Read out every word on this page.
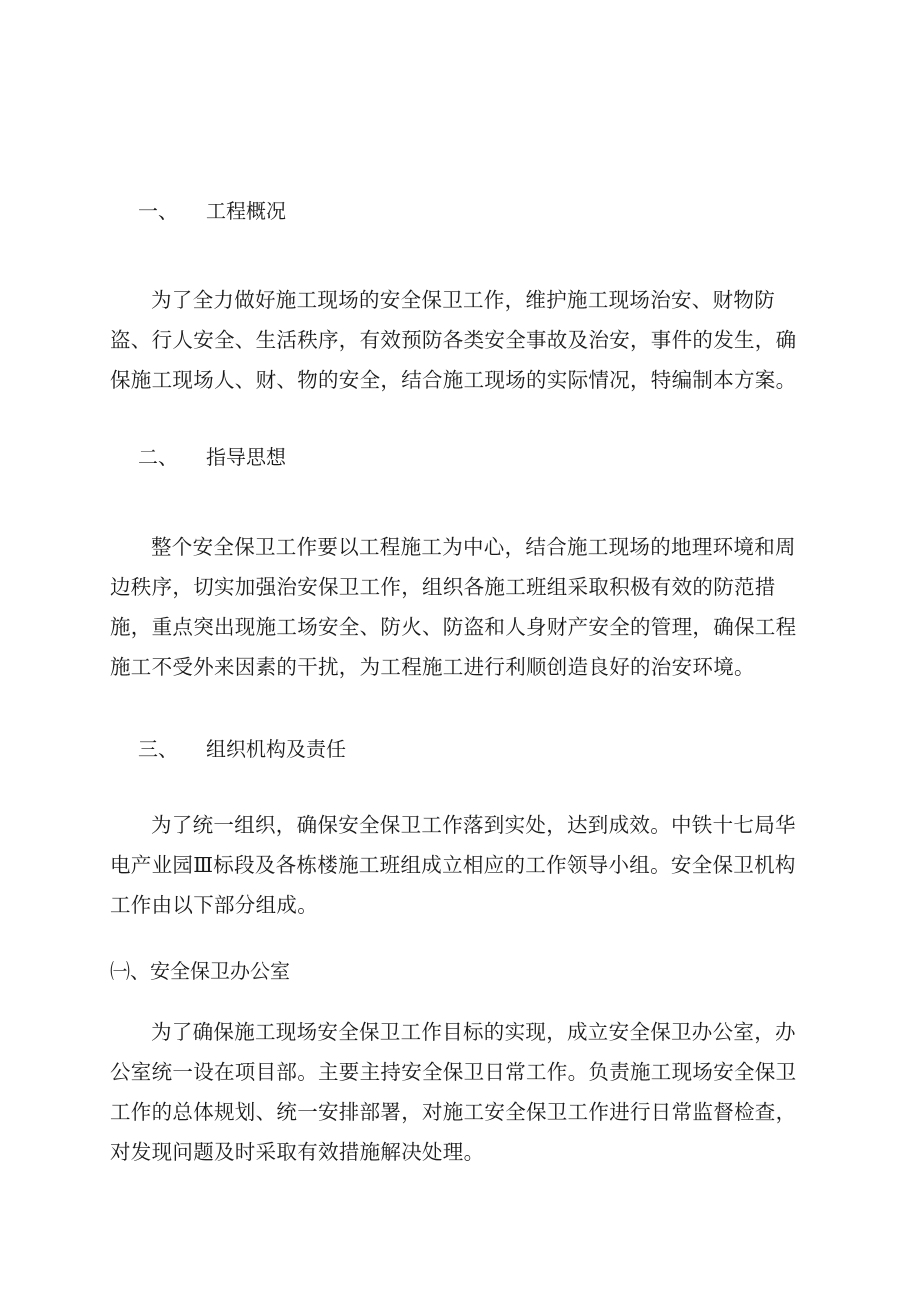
一、 工程概况

为了全力做好施工现场的安全保卫工作，维护施工现场治安、财物防盗、行人安全、生活秩序，有效预防各类安全事故及治安，事件的发生，确保施工现场人、财、物的安全，结合施工现场的实际情况，特编制本方案。

二、 指导思想

整个安全保卫工作要以工程施工为中心，结合施工现场的地理环境和周边秩序，切实加强治安保卫工作，组织各施工班组采取积极有效的防范措施，重点突出现施工场安全、防火、防盗和人身财产安全的管理，确保工程施工不受外来因素的干扰，为工程施工进行利顺创造良好的治安环境。

三、 组织机构及责任

为了统一组织，确保安全保卫工作落到实处，达到成效。中铁十七局华电产业园Ⅲ标段及各栋楼施工班组成立相应的工作领导小组。安全保卫机构工作由以下部分组成。

㈠、安全保卫办公室

为了确保施工现场安全保卫工作目标的实现，成立安全保卫办公室，办公室统一设在项目部。主要主持安全保卫日常工作。负责施工现场安全保卫工作的总体规划、统一安排部署，对施工安全保卫工作进行日常监督检查，对发现问题及时采取有效措施解决处理。
